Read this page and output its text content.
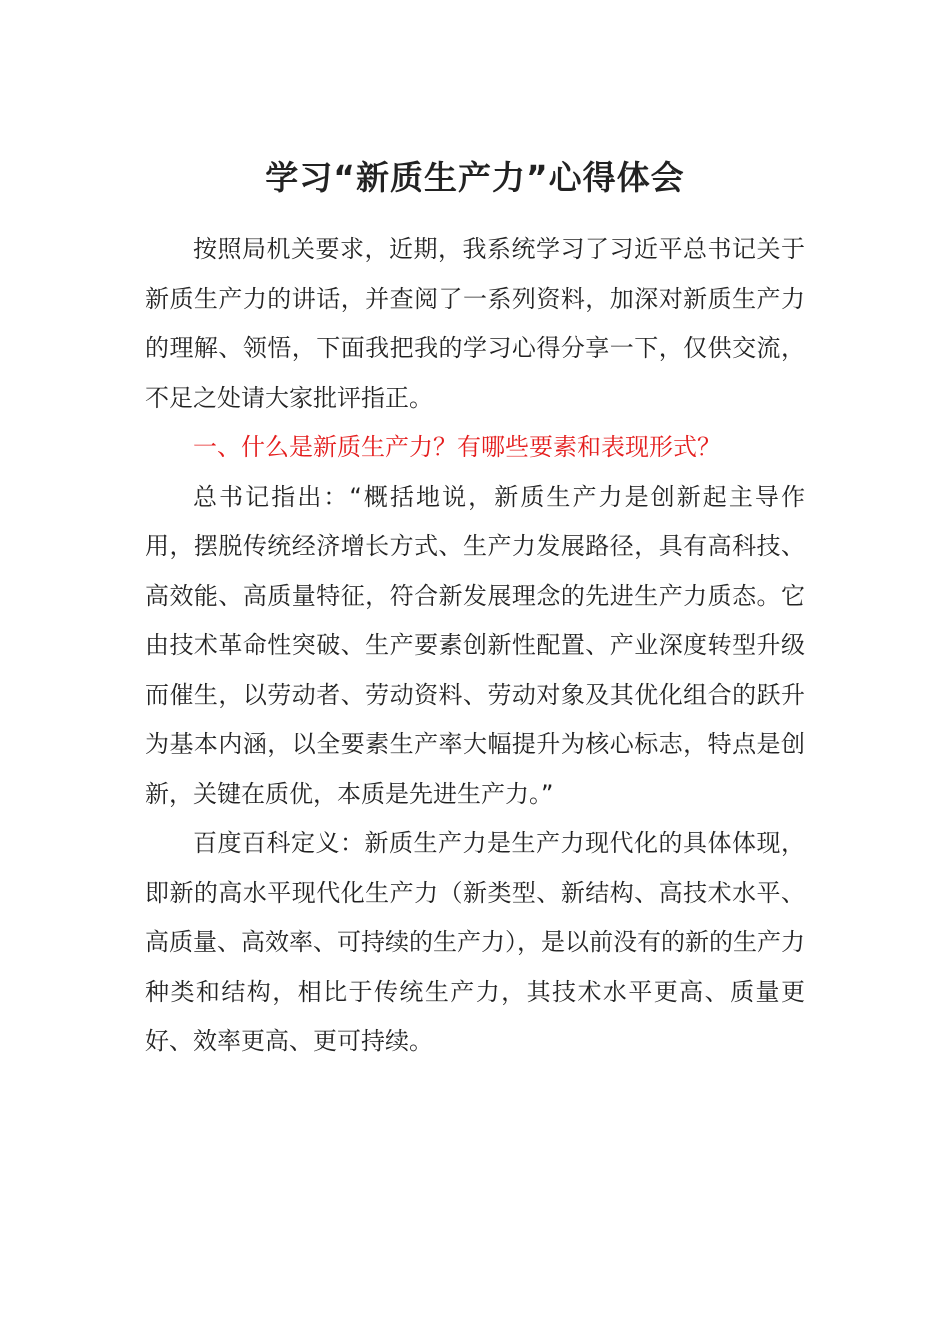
学习“新质生产力”心得体会

按照局机关要求，近期，我系统学习了习近平总书记关于新质生产力的讲话，并查阅了一系列资料，加深对新质生产力的理解、领悟，下面我把我的学习心得分享一下，仅供交流，不足之处请大家批评指正。

一、什么是新质生产力？有哪些要素和表现形式？

总书记指出：“概括地说，新质生产力是创新起主导作用，摆脱传统经济增长方式、生产力发展路径，具有高科技、高效能、高质量特征，符合新发展理念的先进生产力质态。它由技术革命性突破、生产要素创新性配置、产业深度转型升级而催生，以劳动者、劳动资料、劳动对象及其优化组合的跃升为基本内涵，以全要素生产率大幅提升为核心标志，特点是创新，关键在质优，本质是先进生产力。”

百度百科定义：新质生产力是生产力现代化的具体体现，即新的高水平现代化生产力（新类型、新结构、高技术水平、高质量、高效率、可持续的生产力），是以前没有的新的生产力种类和结构，相比于传统生产力，其技术水平更高、质量更好、效率更高、更可持续。
